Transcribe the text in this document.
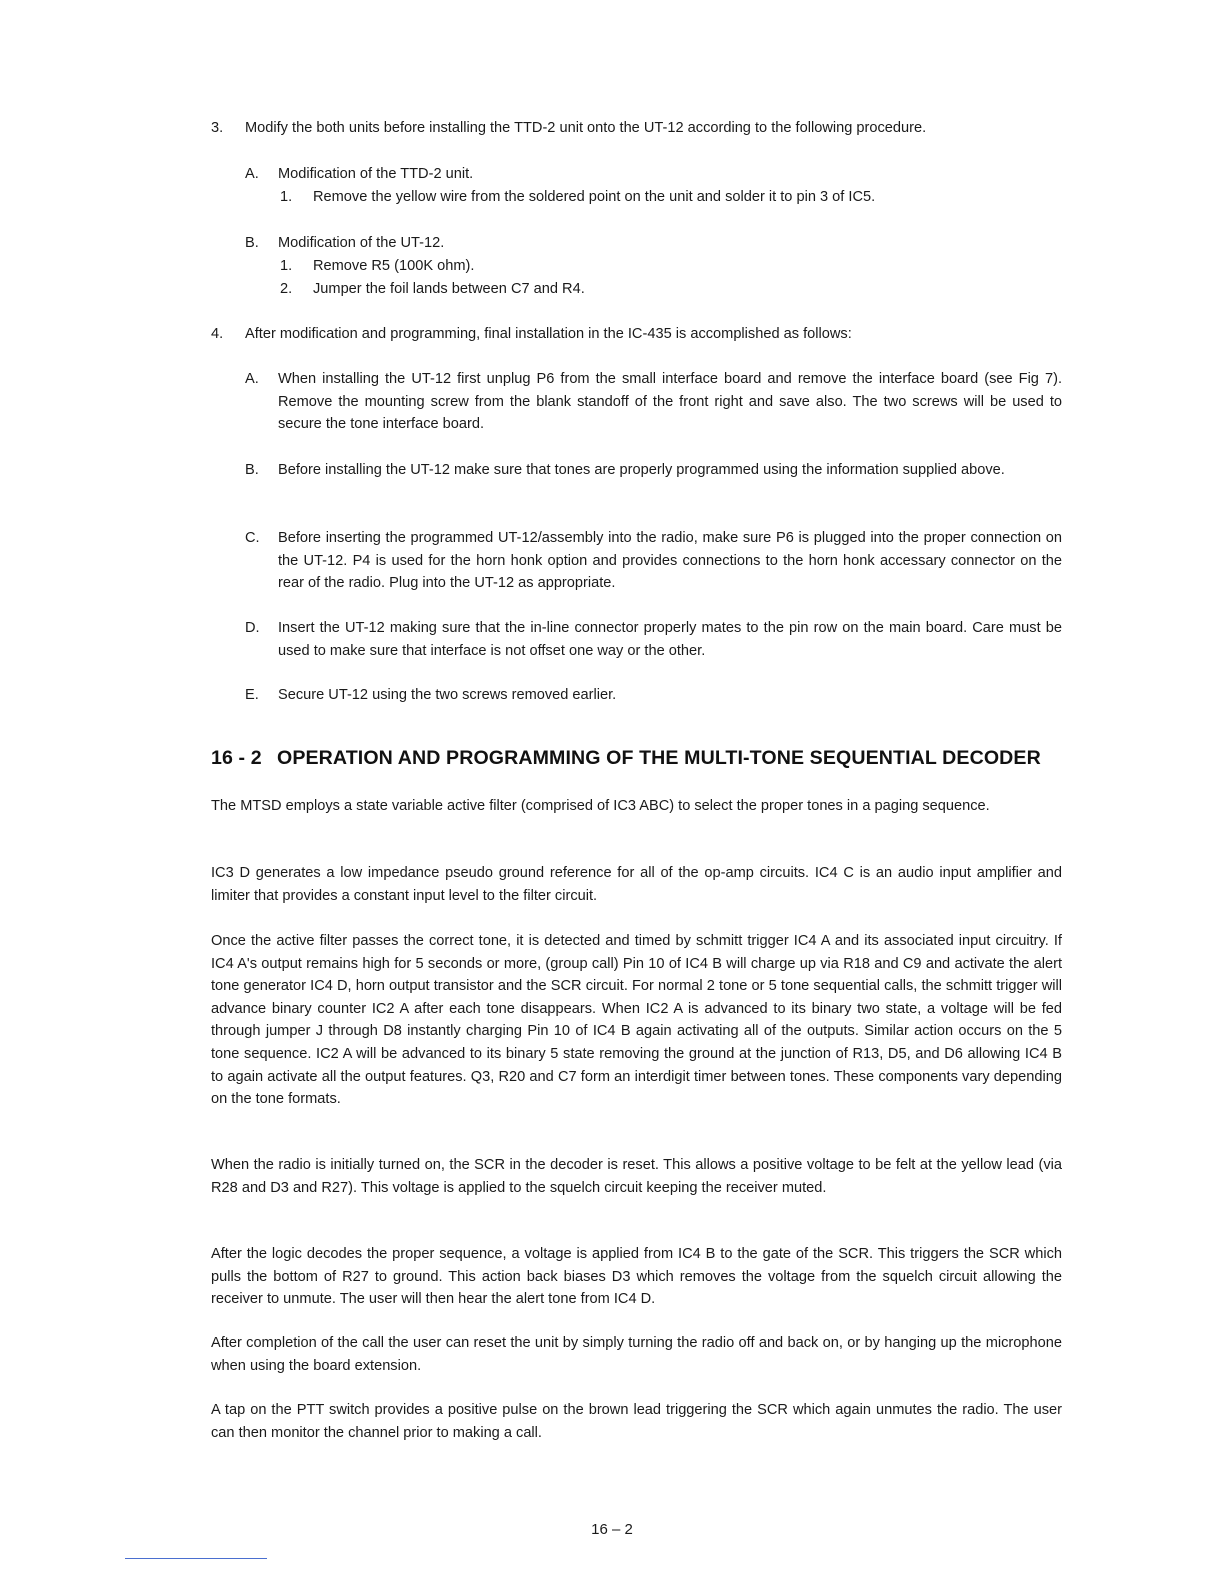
3. Modify the both units before installing the TTD-2 unit onto the UT-12 according to the following procedure.
A. Modification of the TTD-2 unit.
1. Remove the yellow wire from the soldered point on the unit and solder it to pin 3 of IC5.
B. Modification of the UT-12.
1. Remove R5 (100K ohm).
2. Jumper the foil lands between C7 and R4.
4. After modification and programming, final installation in the IC-435 is accomplished as follows:
A. When installing the UT-12 first unplug P6 from the small interface board and remove the interface board (see Fig 7). Remove the mounting screw from the blank standoff of the front right and save also. The two screws will be used to secure the tone interface board.
B. Before installing the UT-12 make sure that tones are properly programmed using the information supplied above.
C. Before inserting the programmed UT-12/assembly into the radio, make sure P6 is plugged into the proper connection on the UT-12. P4 is used for the horn honk option and provides connections to the horn honk accessary connector on the rear of the radio. Plug into the UT-12 as appropriate.
D. Insert the UT-12 making sure that the in-line connector properly mates to the pin row on the main board. Care must be used to make sure that interface is not offset one way or the other.
E. Secure UT-12 using the two screws removed earlier.
16 - 2 OPERATION AND PROGRAMMING OF THE MULTI-TONE SEQUENTIAL DECODER
The MTSD employs a state variable active filter (comprised of IC3 ABC) to select the proper tones in a paging sequence.
IC3 D generates a low impedance pseudo ground reference for all of the op-amp circuits. IC4 C is an audio input amplifier and limiter that provides a constant input level to the filter circuit.
Once the active filter passes the correct tone, it is detected and timed by schmitt trigger IC4 A and its associated input circuitry. If IC4 A's output remains high for 5 seconds or more, (group call) Pin 10 of IC4 B will charge up via R18 and C9 and activate the alert tone generator IC4 D, horn output transistor and the SCR circuit. For normal 2 tone or 5 tone sequential calls, the schmitt trigger will advance binary counter IC2 A after each tone disappears. When IC2 A is advanced to its binary two state, a voltage will be fed through jumper J through D8 instantly charging Pin 10 of IC4 B again activating all of the outputs. Similar action occurs on the 5 tone sequence. IC2 A will be advanced to its binary 5 state removing the ground at the junction of R13, D5, and D6 allowing IC4 B to again activate all the output features. Q3, R20 and C7 form an interdigit timer between tones. These components vary depending on the tone formats.
When the radio is initially turned on, the SCR in the decoder is reset. This allows a positive voltage to be felt at the yellow lead (via R28 and D3 and R27). This voltage is applied to the squelch circuit keeping the receiver muted.
After the logic decodes the proper sequence, a voltage is applied from IC4 B to the gate of the SCR. This triggers the SCR which pulls the bottom of R27 to ground. This action back biases D3 which removes the voltage from the squelch circuit allowing the receiver to unmute. The user will then hear the alert tone from IC4 D.
After completion of the call the user can reset the unit by simply turning the radio off and back on, or by hanging up the microphone when using the board extension.
A tap on the PTT switch provides a positive pulse on the brown lead triggering the SCR which again unmutes the radio. The user can then monitor the channel prior to making a call.
16 – 2
